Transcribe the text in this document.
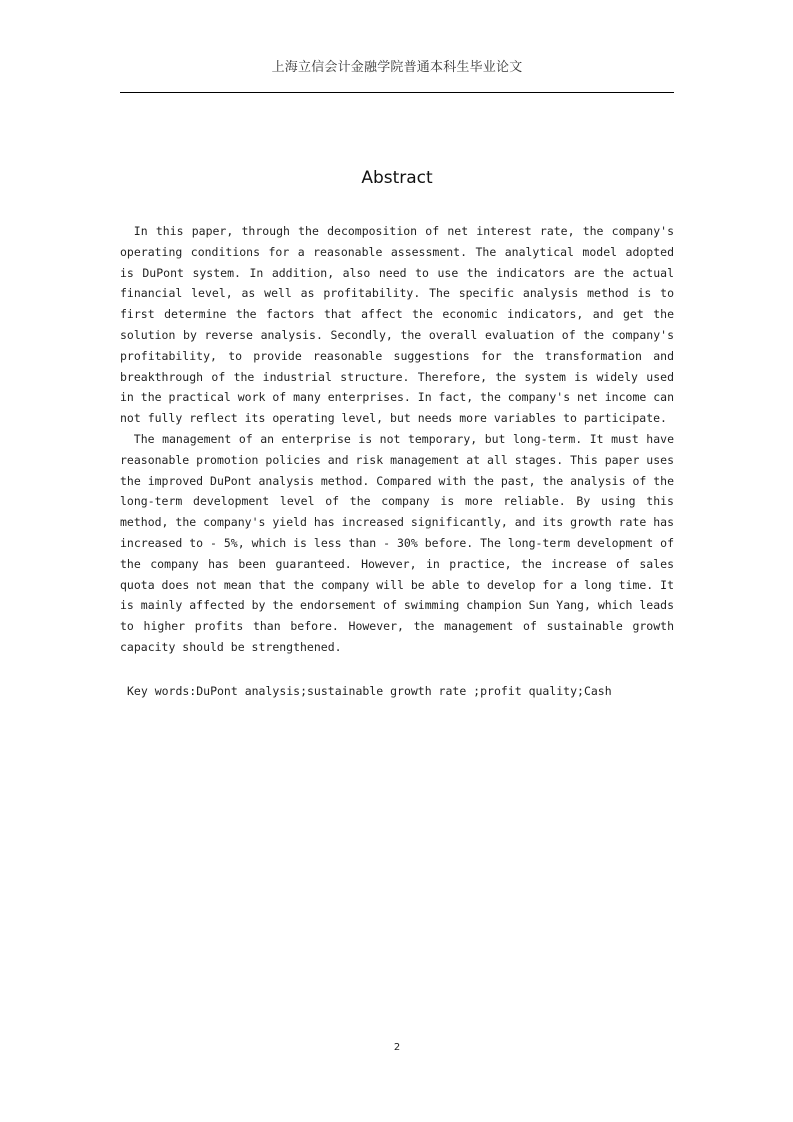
上海立信会计金融学院普通本科生毕业论文
Abstract

In this paper, through the decomposition of net interest rate, the company's operating conditions for a reasonable assessment. The analytical model adopted is DuPont system. In addition, also need to use the indicators are the actual financial level, as well as profitability. The specific analysis method is to first determine the factors that affect the economic indicators, and get the solution by reverse analysis. Secondly, the overall evaluation of the company's profitability, to provide reasonable suggestions for the transformation and breakthrough of the industrial structure. Therefore, the system is widely used in the practical work of many enterprises. In fact, the company's net income can not fully reflect its operating level, but needs more variables to participate.

The management of an enterprise is not temporary, but long-term. It must have reasonable promotion policies and risk management at all stages. This paper uses the improved DuPont analysis method. Compared with the past, the analysis of the long-term development level of the company is more reliable. By using this method, the company's yield has increased significantly, and its growth rate has increased to - 5%, which is less than - 30% before. The long-term development of the company has been guaranteed. However, in practice, the increase of sales quota does not mean that the company will be able to develop for a long time. It is mainly affected by the endorsement of swimming champion Sun Yang, which leads to higher profits than before. However, the management of sustainable growth capacity should be strengthened.

Key words:DuPont analysis;sustainable growth rate ;profit quality;Cash
2
